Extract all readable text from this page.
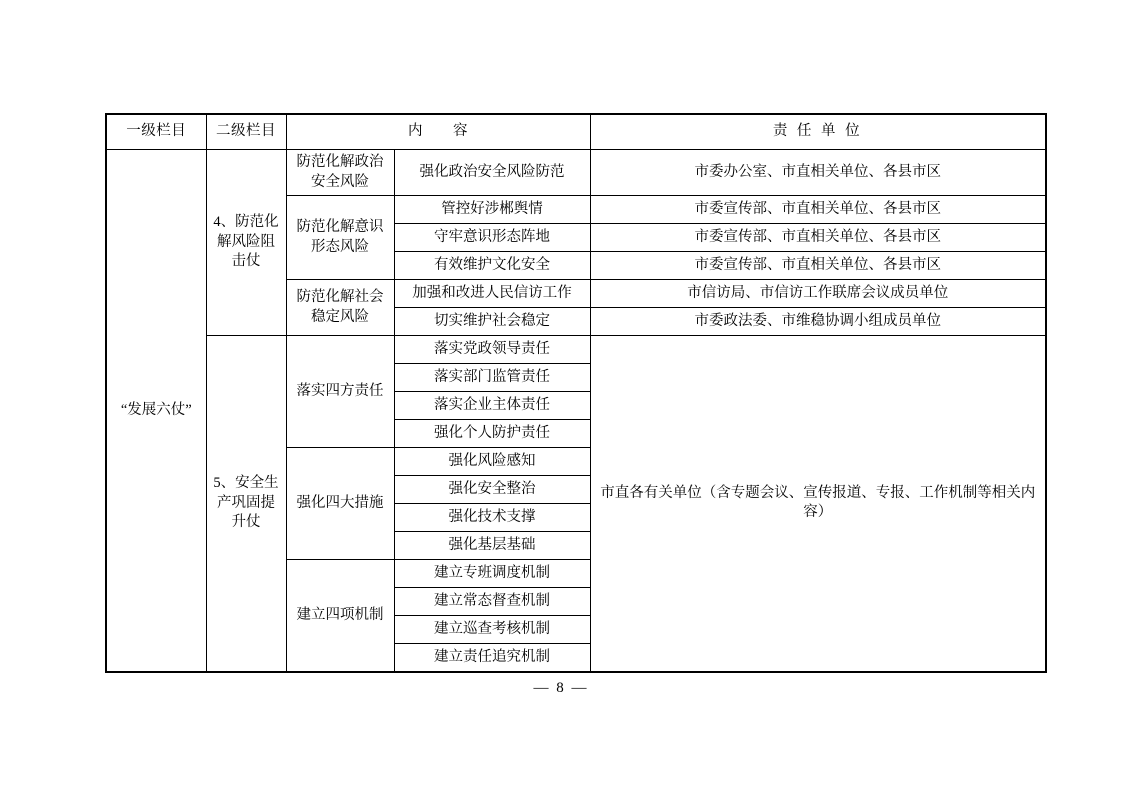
一级栏目	二级栏目	内　　容		责 任 单 位
“发展六仗”	4、防范化解风险阻击仗	防范化解政治安全风险	强化政治安全风险防范	市委办公室、市直相关单位、各县市区
		防范化解意识形态风险	管控好涉郴舆情	市委宣传部、市直相关单位、各县市区
			守牢意识形态阵地	市委宣传部、市直相关单位、各县市区
			有效维护文化安全	市委宣传部、市直相关单位、各县市区
		防范化解社会稳定风险	加强和改进人民信访工作	市信访局、市信访工作联席会议成员单位
			切实维护社会稳定	市委政法委、市维稳协调小组成员单位
	5、安全生产巩固提升仗	落实四方责任	落实党政领导责任	市直各有关单位（含专题会议、宣传报道、专报、工作机制等相关内容）
			落实部门监管责任	
			落实企业主体责任	
			强化个人防护责任	
		强化四大措施	强化风险感知	
			强化安全整治	
			强化技术支撑	
			强化基层基础	
		建立四项机制	建立专班调度机制	
			建立常态督查机制	
			建立巡查考核机制	
			建立责任追究机制	
— 8 —
